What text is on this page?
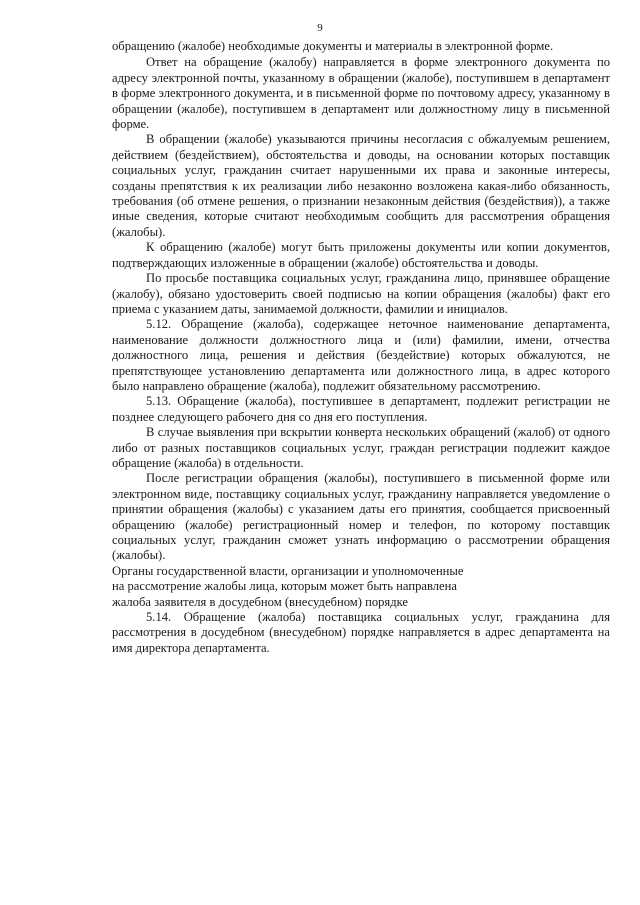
9

обращению (жалобе) необходимые документы и материалы в электронной форме.

Ответ на обращение (жалобу) направляется в форме электронного документа по адресу электронной почты, указанному в обращении (жалобе), поступившем в департамент в форме электронного документа, и в письменной форме по почтовому адресу, указанному в обращении (жалобе), поступившем в департамент или должностному лицу в письменной форме.

В обращении (жалобе) указываются причины несогласия с обжалуемым решением, действием (бездействием), обстоятельства и доводы, на основании которых поставщик социальных услуг, гражданин считает нарушенными их права и законные интересы, созданы препятствия к их реализации либо незаконно возложена какая-либо обязанность, требования (об отмене решения, о признании незаконным действия (бездействия)), а также иные сведения, которые считают необходимым сообщить для рассмотрения обращения (жалобы).

К обращению (жалобе) могут быть приложены документы или копии документов, подтверждающих изложенные в обращении (жалобе) обстоятельства и доводы.

По просьбе поставщика социальных услуг, гражданина лицо, принявшее обращение (жалобу), обязано удостоверить своей подписью на копии обращения (жалобы) факт его приема с указанием даты, занимаемой должности, фамилии и инициалов.

5.12. Обращение (жалоба), содержащее неточное наименование департамента, наименование должности должностного лица и (или) фамилии, имени, отчества должностного лица, решения и действия (бездействие) которых обжалуются, не препятствующее установлению департамента или должностного лица, в адрес которого было направлено обращение (жалоба), подлежит обязательному рассмотрению.

5.13. Обращение (жалоба), поступившее в департамент, подлежит регистрации не позднее следующего рабочего дня со дня его поступления.

В случае выявления при вскрытии конверта нескольких обращений (жалоб) от одного либо от разных поставщиков социальных услуг, граждан регистрации подлежит каждое обращение (жалоба) в отдельности.

После регистрации обращения (жалобы), поступившего в письменной форме или электронном виде, поставщику социальных услуг, гражданину направляется уведомление о принятии обращения (жалобы) с указанием даты его принятия, сообщается присвоенный обращению (жалобе) регистрационный номер и телефон, по которому поставщик социальных услуг, гражданин сможет узнать информацию о рассмотрении обращения (жалобы).

Органы государственной власти, организации и уполномоченные
на рассмотрение жалобы лица, которым может быть направлена
жалоба заявителя в досудебном (внесудебном) порядке

5.14. Обращение (жалоба) поставщика социальных услуг, гражданина для рассмотрения в досудебном (внесудебном) порядке направляется в адрес департамента на имя директора департамента.
